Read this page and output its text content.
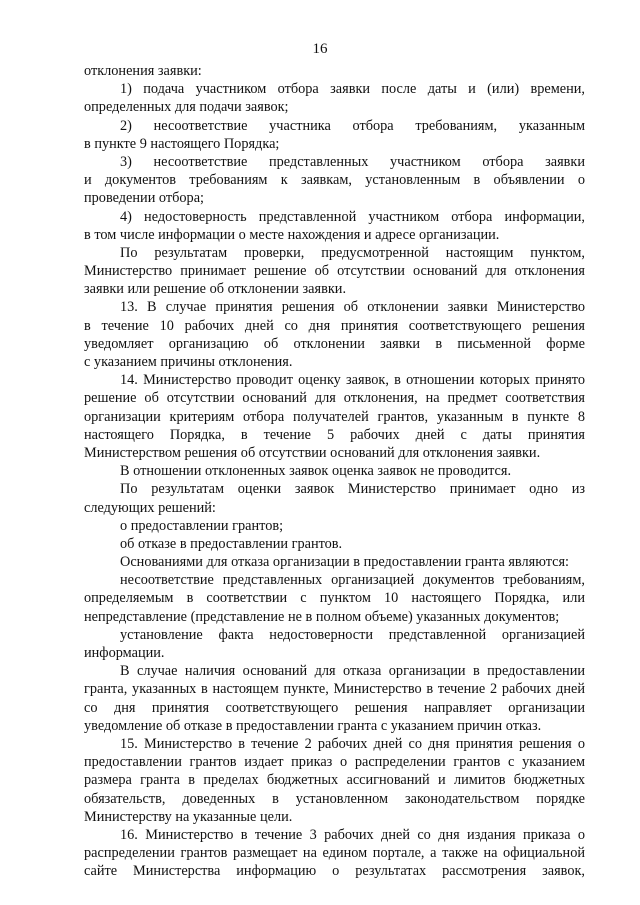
16
отклонения заявки:
1) подача участником отбора заявки после даты и (или) времени,
определенных для подачи заявок;
2) несоответствие участника отбора требованиям, указанным
в пункте 9 настоящего Порядка;
3) несоответствие представленных участником отбора заявки
и документов требованиям к заявкам, установленным в объявлении о
проведении отбора;
4) недостоверность представленной участником отбора информации,
в том числе информации о месте нахождения и адресе организации.
По результатам проверки, предусмотренной настоящим пунктом,
Министерство принимает решение об отсутствии оснований для отклонения
заявки или решение об отклонении заявки.
13. В случае принятия решения об отклонении заявки Министерство
в течение 10 рабочих дней со дня принятия соответствующего решения
уведомляет организацию об отклонении заявки в письменной форме
с указанием причины отклонения.
14. Министерство проводит оценку заявок, в отношении которых принято
решение об отсутствии оснований для отклонения, на предмет соответствия
организации критериям отбора получателей грантов, указанным в пункте 8
настоящего Порядка, в течение 5 рабочих дней с даты принятия
Министерством решения об отсутствии оснований для отклонения заявки.
В отношении отклоненных заявок оценка заявок не проводится.
По результатам оценки заявок Министерство принимает одно из
следующих решений:
о предоставлении грантов;
об отказе в предоставлении грантов.
Основаниями для отказа организации в предоставлении гранта являются:
несоответствие представленных организацией документов требованиям,
определяемым в соответствии с пунктом 10 настоящего Порядка, или
непредставление (представление не в полном объеме) указанных документов;
установление факта недостоверности представленной организацией
информации.
В случае наличия оснований для отказа организации в предоставлении
гранта, указанных в настоящем пункте, Министерство в течение 2 рабочих дней
со дня принятия соответствующего решения направляет организации
уведомление об отказе в предоставлении гранта с указанием причин отказ.
15. Министерство в течение 2 рабочих дней со дня принятия решения о
предоставлении грантов издает приказ о распределении грантов с указанием
размера гранта в пределах бюджетных ассигнований и лимитов бюджетных
обязательств, доведенных в установленном законодательством порядке
Министерству на указанные цели.
16. Министерство в течение 3 рабочих дней со дня издания приказа о
распределении грантов размещает на едином портале, а также на официальной
сайте Министерства информацию о результатах рассмотрения заявок,
